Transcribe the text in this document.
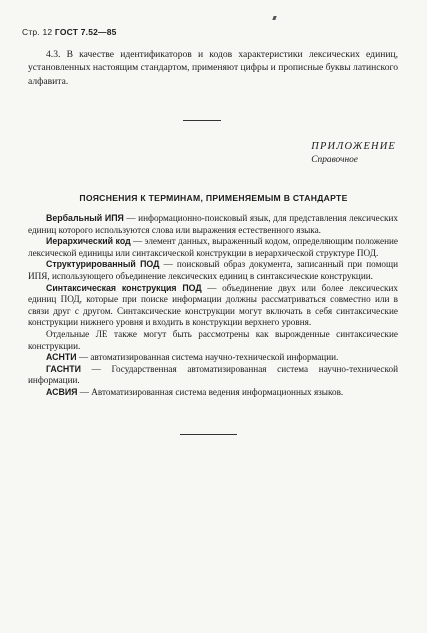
Стр. 12 ГОСТ 7.52—85
4.3. В качестве идентификаторов и кодов характеристики лексических единиц, установленных настоящим стандартом, применяют цифры и прописные буквы латинского алфавита.
ПРИЛОЖЕНИЕ
Справочное
ПОЯСНЕНИЯ К ТЕРМИНАМ, ПРИМЕНЯЕМЫМ В СТАНДАРТЕ

Вербальный ИПЯ — информационно-поисковый язык, для представления лексических единиц которого используются слова или выражения естественного языка.

Иерархический код — элемент данных, выраженный кодом, определяющим положение лексической единицы или синтаксической конструкции в иерархической структуре ПОД.

Структурированный ПОД — поисковый образ документа, записанный при помощи ИПЯ, использующего объединение лексических единиц в синтаксические конструкции.

Синтаксическая конструкция ПОД — объединение двух или более лексических единиц ПОД, которые при поиске информации должны рассматриваться совместно или в связи друг с другом. Синтаксические конструкции могут включать в себя синтаксические конструкции нижнего уровня и входить в конструкции верхнего уровня.

Отдельные ЛЕ также могут быть рассмотрены как вырожденные синтаксические конструкции.

АСНТИ — автоматизированная система научно-технической информации.

ГАСНТИ — Государственная автоматизированная система научно-технической информации.

АСВИЯ — Автоматизированная система ведения информационных языков.
